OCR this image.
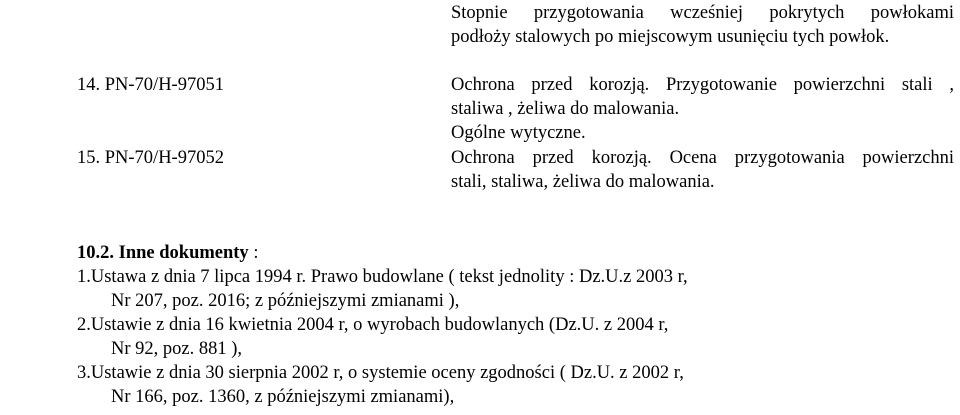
Stopnie przygotowania wcześniej pokrytych powłokami
podłoży stalowych po miejscowym usunięciu tych powłok.
14. PN-70/H-97051	Ochrona przed korozją. Przygotowanie powierzchni stali ,
staliwa , żeliwa do malowania.
Ogólne wytyczne.
15. PN-70/H-97052	Ochrona przed korozją. Ocena przygotowania powierzchni
stali, staliwa, żeliwa do malowania.
10.2. Inne dokumenty :
1.Ustawa z dnia 7 lipca 1994 r. Prawo budowlane ( tekst jednolity : Dz.U.z 2003 r,
Nr 207, poz. 2016; z późniejszymi zmianami ),
2.Ustawie z dnia 16 kwietnia 2004 r, o wyrobach budowlanych (Dz.U. z 2004 r,
Nr 92, poz. 881 ),
3.Ustawie z dnia 30 sierpnia 2002 r, o systemie oceny zgodności ( Dz.U. z 2002 r,
Nr 166, poz. 1360, z późniejszymi zmianami),
